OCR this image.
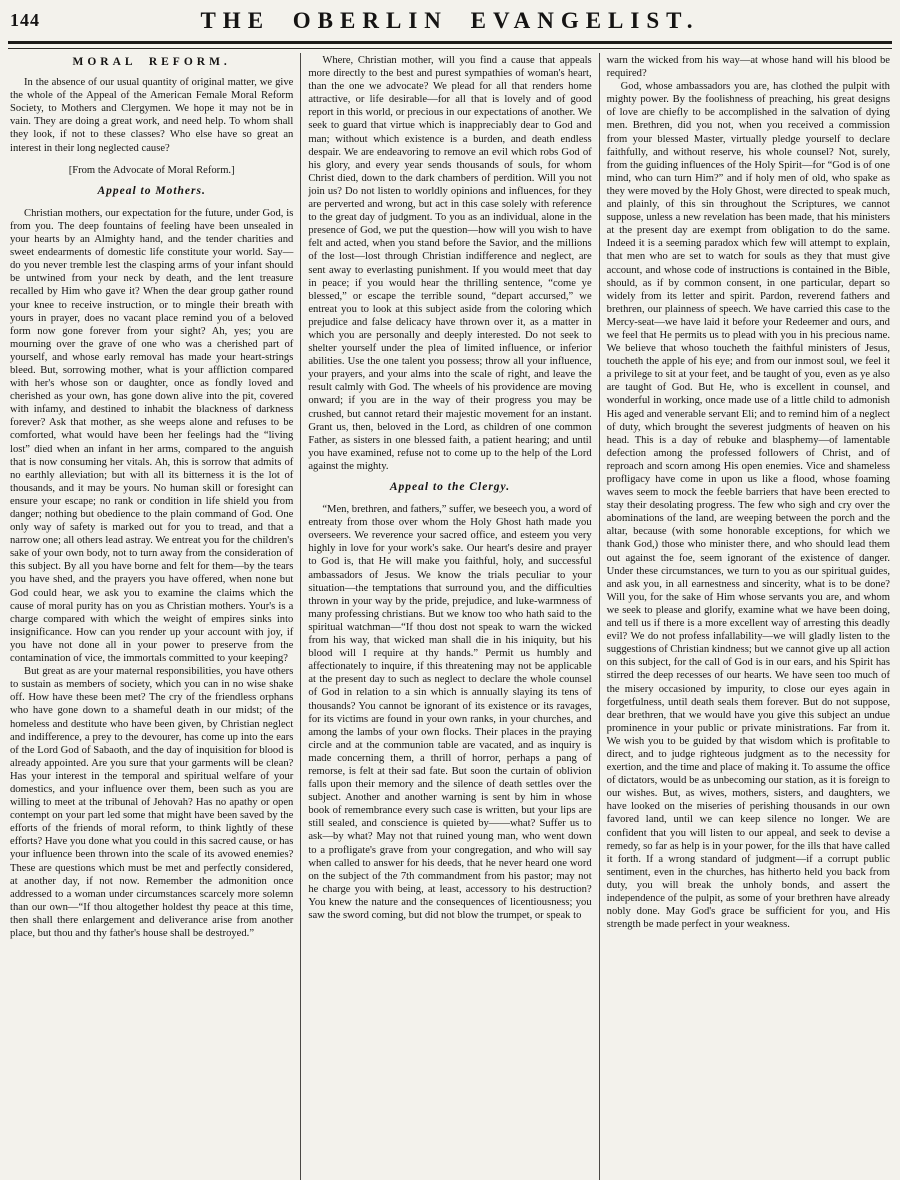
144	THE OBERLIN EVANGELIST.
MORAL REFORM.

In the absence of our usual quantity of original matter, we give the whole of the Appeal of the American Female Moral Reform Society, to Mothers and Clergymen. We hope it may not be in vain. They are doing a great work, and need help. To whom shall they look, if not to these classes? Who else have so great an interest in their long neglected cause?

[From the Advocate of Moral Reform.]

Appeal to Mothers.

Christian mothers, our expectation for the future, under God, is from you. The deep fountains of feeling have been unsealed in your hearts by an Almighty hand, and the tender charities and sweet endearments of domestic life constitute your world. Say—do you never tremble lest the clasping arms of your infant should be untwined from your neck by death, and the lent treasure recalled by Him who gave it? When the dear group gather round your knee to receive instruction, or to mingle their breath with yours in prayer, does no vacant place remind you of a beloved form now gone forever from your sight? Ah, yes; you are mourning over the grave of one who was a cherished part of yourself, and whose early removal has made your heart-strings bleed. But, sorrowing mother, what is your affliction compared with her's whose son or daughter, once as fondly loved and cherished as your own, has gone down alive into the pit, covered with infamy, and destined to inhabit the blackness of darkness forever? Ask that mother, as she weeps alone and refuses to be comforted, what would have been her feelings had the “living lost” died when an infant in her arms, compared to the anguish that is now consuming her vitals. Ah, this is sorrow that admits of no earthly alleviation; but with all its bitterness it is the lot of thousands, and it may be yours. No human skill or foresight can ensure your escape; no rank or condition in life shield you from danger; nothing but obedience to the plain command of God. One only way of safety is marked out for you to tread, and that a narrow one; all others lead astray. We entreat you for the children's sake of your own body, not to turn away from the consideration of this subject. By all you have borne and felt for them—by the tears you have shed, and the prayers you have offered, when none but God could hear, we ask you to examine the claims which the cause of moral purity has on you as Christian mothers. Your's is a charge compared with which the weight of empires sinks into insignificance. How can you render up your account with joy, if you have not done all in your power to preserve from the contamination of vice, the immortals committed to your keeping?

But great as are your maternal responsibilities, you have others to sustain as members of society, which you can in no wise shake off. How have these been met? The cry of the friendless orphans who have gone down to a shameful death in our midst; of the homeless and destitute who have been given, by Christian neglect and indifference, a prey to the devourer, has come up into the ears of the Lord God of Sabaoth, and the day of inquisition for blood is already appointed. Are you sure that your garments will be clean? Has your interest in the temporal and spiritual welfare of your domestics, and your influence over them, been such as you are willing to meet at the tribunal of Jehovah? Has no apathy or open contempt on your part led some that might have been saved by the efforts of the friends of moral reform, to think lightly of these efforts? Have you done what you could in this sacred cause, or has your influence been thrown into the scale of its avowed enemies? These are questions which must be met and perfectly considered, at another day, if not now. Remember the admonition once addressed to a woman under circumstances scarcely more solemn than our own—“If thou altogether holdest thy peace at this time, then shall there enlargement and deliverance arise from another place, but thou and thy father's house shall be destroyed.”

Where, Christian mother, will you find a cause that appeals more directly to the best and purest sympathies of woman's heart, than the one we advocate? We plead for all that renders home attractive, or life desirable—for all that is lovely and of good report in this world, or precious in our expectations of another. We seek to guard that virtue which is inappreciably dear to God and man; without which existence is a burden, and death endless despair. We are endeavoring to remove an evil which robs God of his glory, and every year sends thousands of souls, for whom Christ died, down to the dark chambers of perdition. Will you not join us? Do not listen to worldly opinions and influences, for they are perverted and wrong, but act in this case solely with reference to the great day of judgment. To you as an individual, alone in the presence of God, we put the question—how will you wish to have felt and acted, when you stand before the Savior, and the millions of the lost—lost through Christian indifference and neglect, are sent away to everlasting punishment. If you would meet that day in peace; if you would hear the thrilling sentence, “come ye blessed,” or escape the terrible sound, “depart accursed,” we entreat you to look at this subject aside from the coloring which prejudice and false delicacy have thrown over it, as a matter in which you are personally and deeply interested. Do not seek to shelter yourself under the plea of limited influence, or inferior abilities. Use the one talent you possess; throw all your influence, your prayers, and your alms into the scale of right, and leave the result calmly with God. The wheels of his providence are moving onward; if you are in the way of their progress you may be crushed, but cannot retard their majestic movement for an instant. Grant us, then, beloved in the Lord, as children of one common Father, as sisters in one blessed faith, a patient hearing; and until you have examined, refuse not to come up to the help of the Lord against the mighty.

Appeal to the Clergy.

“Men, brethren, and fathers,” suffer, we beseech you, a word of entreaty from those over whom the Holy Ghost hath made you overseers. We reverence your sacred office, and esteem you very highly in love for your work's sake. Our heart's desire and prayer to God is, that He will make you faithful, holy, and successful ambassadors of Jesus. We know the trials peculiar to your situation—the temptations that surround you, and the difficulties thrown in your way by the pride, prejudice, and luke-warmness of many professing christians. But we know too who hath said to the spiritual watchman—“If thou dost not speak to warn the wicked from his way, that wicked man shall die in his iniquity, but his blood will I require at thy hands.” Permit us humbly and affectionately to inquire, if this threatening may not be applicable at the present day to such as neglect to declare the whole counsel of God in relation to a sin which is annually slaying its tens of thousands? You cannot be ignorant of its existence or its ravages, for its victims are found in your own ranks, in your churches, and among the lambs of your own flocks. Their places in the praying circle and at the communion table are vacated, and as inquiry is made concerning them, a thrill of horror, perhaps a pang of remorse, is felt at their sad fate. But soon the curtain of oblivion falls upon their memory and the silence of death settles over the subject. Another and another warning is sent by him in whose book of remembrance every such case is written, but your lips are still sealed, and conscience is quieted by——what? Suffer us to ask—by what? May not that ruined young man, who went down to a profligate's grave from your congregation, and who will say when called to answer for his deeds, that he never heard one word on the subject of the 7th commandment from his pastor; may not he charge you with being, at least, accessory to his destruction? You knew the nature and the consequences of licentiousness; you saw the sword coming, but did not blow the trumpet, or speak to

warn the wicked from his way—at whose hand will his blood be required?

God, whose ambassadors you are, has clothed the pulpit with mighty power. By the foolishness of preaching, his great designs of love are chiefly to be accomplished in the salvation of dying men. Brethren, did you not, when you received a commission from your blessed Master, virtually pledge yourself to declare faithfully, and without reserve, his whole counsel? Not, surely, from the guiding influences of the Holy Spirit—for “God is of one mind, who can turn Him?” and if holy men of old, who spake as they were moved by the Holy Ghost, were directed to speak much, and plainly, of this sin throughout the Scriptures, we cannot suppose, unless a new revelation has been made, that his ministers at the present day are exempt from obligation to do the same. Indeed it is a seeming paradox which few will attempt to explain, that men who are set to watch for souls as they that must give account, and whose code of instructions is contained in the Bible, should, as if by common consent, in one particular, depart so widely from its letter and spirit. Pardon, reverend fathers and brethren, our plainness of speech. We have carried this case to the Mercy-seat—we have laid it before your Redeemer and ours, and we feel that He permits us to plead with you in his precious name. We believe that whoso toucheth the faithful ministers of Jesus, toucheth the apple of his eye; and from our inmost soul, we feel it a privilege to sit at your feet, and be taught of you, even as ye also are taught of God. But He, who is excellent in counsel, and wonderful in working, once made use of a little child to admonish His aged and venerable servant Eli; and to remind him of a neglect of duty, which brought the severest judgments of heaven on his head. This is a day of rebuke and blasphemy—of lamentable defection among the professed followers of Christ, and of reproach and scorn among His open enemies. Vice and shameless profligacy have come in upon us like a flood, whose foaming waves seem to mock the feeble barriers that have been erected to stay their desolating progress. The few who sigh and cry over the abominations of the land, are weeping between the porch and the altar, because (with some honorable exceptions, for which we thank God,) those who minister there, and who should lead them out against the foe, seem ignorant of the existence of danger. Under these circumstances, we turn to you as our spiritual guides, and ask you, in all earnestness and sincerity, what is to be done? Will you, for the sake of Him whose servants you are, and whom we seek to please and glorify, examine what we have been doing, and tell us if there is a more excellent way of arresting this deadly evil? We do not profess infallability—we will gladly listen to the suggestions of Christian kindness; but we cannot give up all action on this subject, for the call of God is in our ears, and his Spirit has stirred the deep recesses of our hearts. We have seen too much of the misery occasioned by impurity, to close our eyes again in forgetfulness, until death seals them forever. But do not suppose, dear brethren, that we would have you give this subject an undue prominence in your public or private ministrations. Far from it. We wish you to be guided by that wisdom which is profitable to direct, and to judge righteous judgment as to the necessity for exertion, and the time and place of making it. To assume the office of dictators, would be as unbecoming our station, as it is foreign to our wishes. But, as wives, mothers, sisters, and daughters, we have looked on the miseries of perishing thousands in our own favored land, until we can keep silence no longer. We are confident that you will listen to our appeal, and seek to devise a remedy, so far as help is in your power, for the ills that have called it forth. If a wrong standard of judgment—if a corrupt public sentiment, even in the churches, has hitherto held you back from duty, you will break the unholy bonds, and assert the independence of the pulpit, as some of your brethren have already nobly done. May God's grace be sufficient for you, and His strength be made perfect in your weakness.
